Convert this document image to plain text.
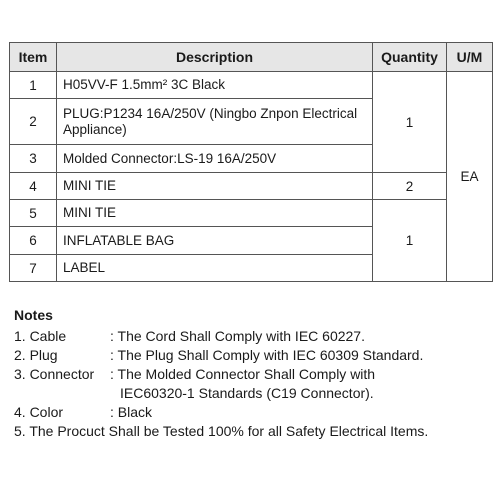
Item	Description	Quantity	U/M
1	H05VV-F 1.5mm² 3C Black	1	EA
2	PLUG:P1234 16A/250V (Ningbo Znpon Electrical Appliance)		
3	Molded Connector:LS-19 16A/250V		
4	MINI TIE	2	
5	MINI TIE	1	
6	INFLATABLE BAG		
7	LABEL		
Notes
1. Cable	: The Cord Shall Comply with IEC 60227.
2. Plug	: The Plug Shall Comply with IEC 60309 Standard.
3. Connector	: The Molded Connector Shall Comply with
IEC60320-1 Standards (C19 Connector).
4. Color	: Black
5. The Procuct Shall be Tested 100% for all Safety Electrical Items.
